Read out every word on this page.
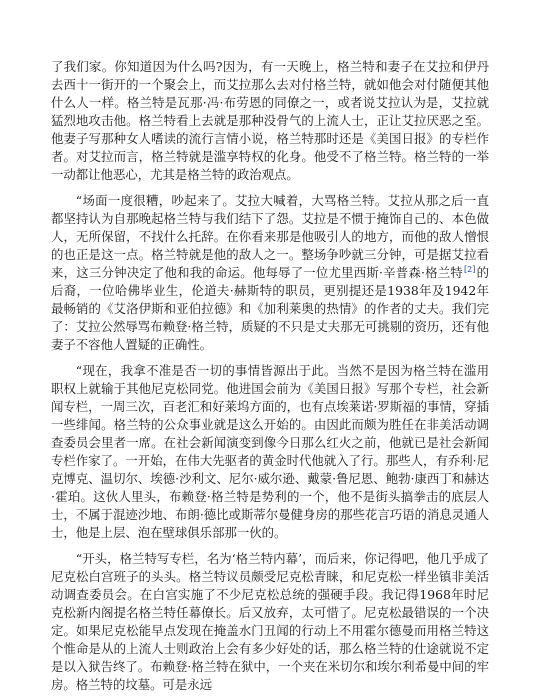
了我们家。你知道因为什么吗?因为，有一天晚上，格兰特和妻子在艾拉和伊丹去西十一街开的一个聚会上，而艾拉那么去对付格兰特，就如他会对付随便其他什么人一样。格兰特是瓦那·冯·布劳恩的同僚之一，或者说艾拉认为是，艾拉就猛烈地攻击他。格兰特看上去就是那种没骨气的上流人士，正让艾拉厌恶之至。他妻子写那种女人嗜读的流行言情小说，格兰特那时还是《美国日报》的专栏作者。对艾拉而言，格兰特就是滥享特权的化身。他受不了格兰特。格兰特的一举一动都让他恶心，尤其是格兰特的政治观点。

“场面一度很糟，吵起来了。艾拉大喊着，大骂格兰特。艾拉从那之后一直都坚持认为自那晚起格兰特与我们结下了怨。艾拉是不惯于掩饰自己的、本色做人，无所保留，不找什么托辞。在你看来那是他吸引人的地方，而他的敌人憎恨的也正是这一点。格兰特就是他的敌人之一。整场争吵就三分钟，可是据艾拉看来，这三分钟决定了他和我的命运。他每辱了一位尤里西斯·辛普森·格兰特[2]的后裔，一位哈佛毕业生，伦道夫·赫斯特的职员，更别提还是1938年及1942年最畅销的《艾洛伊斯和亚伯拉德》和《加利莱奥的热情》的作者的丈夫。我们完了：艾拉公然辱骂布赖登·格兰特，质疑的不只是丈夫那无可挑剔的资历，还有他妻子不容他人置疑的正确性。

“现在，我拿不准是否一切的事情皆源出于此。当然不是因为格兰特在滥用职权上就输于其他尼克松同党。他进国会前为《美国日报》写那个专栏，社会新闻专栏，一周三次，百老汇和好莱坞方面的，也有点埃莱诺·罗斯福的事情，穿插一些绯闻。格兰特的公众事业就是这么开始的。由因此而颇为胜任在非美活动调查委员会里者一席。在社会新闻演变到像今日那么红火之前，他就已是社会新闻专栏作家了。一开始，在伟大先驱者的黄金时代他就入了行。那些人，有乔利·尼克博克、温切尔、埃德·沙利文、尼尔·威尔逊、戴蒙·鲁尼恩、鲍勃·康西丁和赫达·霍珀。这伙人里头，布赖登·格兰特是势利的一个，他不是街头搞拳击的底层人士，不属于混迹沙地、布朗·德比或斯蒂尔曼健身房的那些花言巧语的消息灵通人士，他是上层、泡在壁球俱乐部那一伙的。

“开头，格兰特写专栏，名为‘格兰特内幕’，而后来，你记得吧，他几乎成了尼克松白宫班子的头头。格兰特议员颇受尼克松青睐，和尼克松一样坐镇非美活动调查委员会。在白宫实施了不少尼克松总统的强硬手段。我记得1968年时尼克松新内阁提名格兰特任幕僚长。后又放弃，太可惜了。尼克松最错误的一个决定。如果尼克松能早点发现在掩盖水门丑闻的行动上不用霍尔德曼而用格兰特这个惟命是从的上流人士则政治上会有多少好处的话，那么格兰特的仕途就说不定是以入狱告终了。布赖登·格兰特在狱中，一个夹在米切尔和埃尔利希曼中间的牢房。格兰特的坟墓。可是永远
